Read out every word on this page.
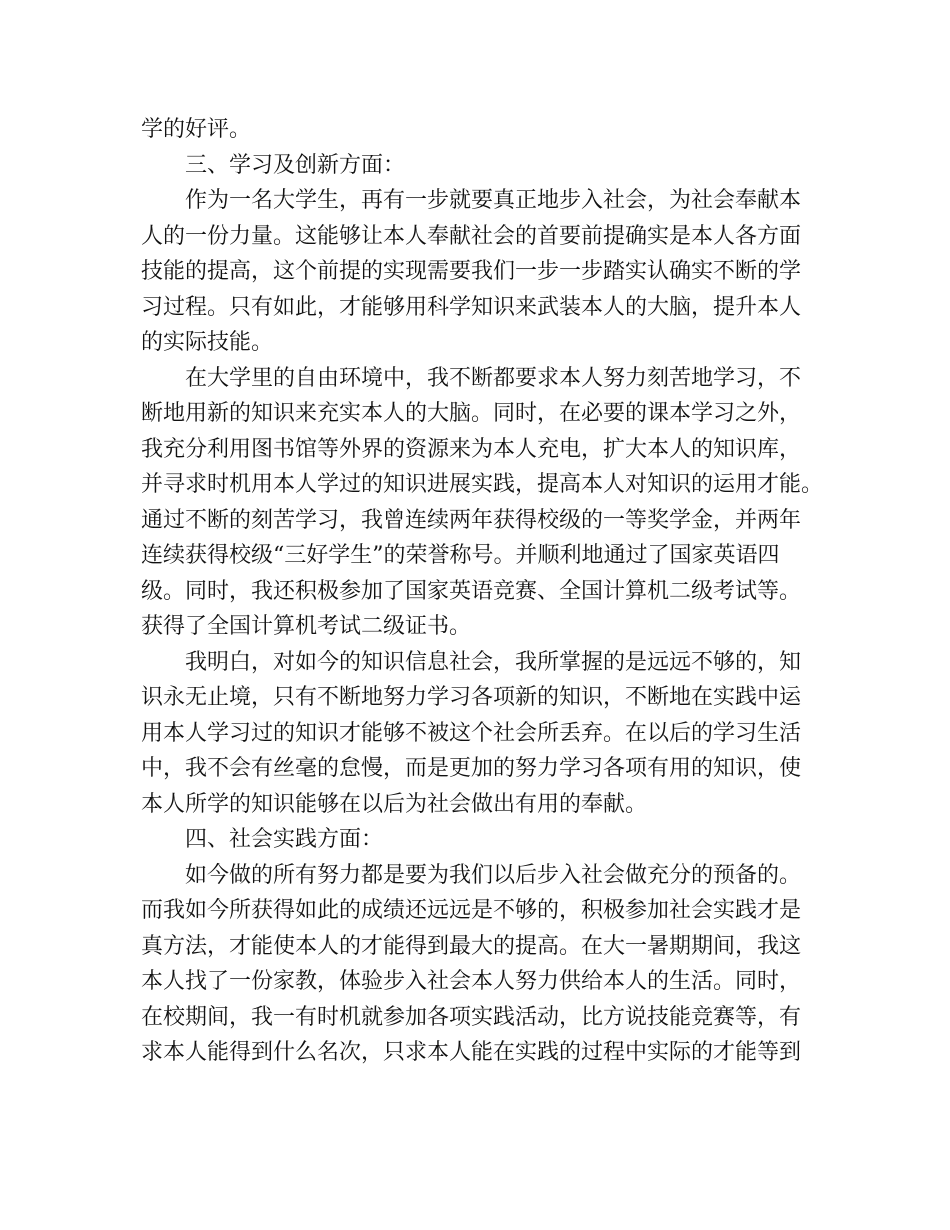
学的好评。
三、学习及创新方面：
作为一名大学生，再有一步就要真正地步入社会，为社会奉献本
人的一份力量。这能够让本人奉献社会的首要前提确实是本人各方面
技能的提高，这个前提的实现需要我们一步一步踏实认确实不断的学
习过程。只有如此，才能够用科学知识来武装本人的大脑，提升本人
的实际技能。
在大学里的自由环境中，我不断都要求本人努力刻苦地学习，不
断地用新的知识来充实本人的大脑。同时，在必要的课本学习之外，
我充分利用图书馆等外界的资源来为本人充电，扩大本人的知识库，
并寻求时机用本人学过的知识进展实践，提高本人对知识的运用才能。
通过不断的刻苦学习，我曾连续两年获得校级的一等奖学金，并两年
连续获得校级“三好学生”的荣誉称号。并顺利地通过了国家英语四
级。同时，我还积极参加了国家英语竞赛、全国计算机二级考试等。
获得了全国计算机考试二级证书。
我明白，对如今的知识信息社会，我所掌握的是远远不够的，知
识永无止境，只有不断地努力学习各项新的知识，不断地在实践中运
用本人学习过的知识才能够不被这个社会所丢弃。在以后的学习生活
中，我不会有丝毫的怠慢，而是更加的努力学习各项有用的知识，使
本人所学的知识能够在以后为社会做出有用的奉献。
四、社会实践方面：
如今做的所有努力都是要为我们以后步入社会做充分的预备的。
而我如今所获得如此的成绩还远远是不够的，积极参加社会实践才是
真方法，才能使本人的才能得到最大的提高。在大一暑期期间，我这
本人找了一份家教，体验步入社会本人努力供给本人的生活。同时，
在校期间，我一有时机就参加各项实践活动，比方说技能竞赛等，有
求本人能得到什么名次，只求本人能在实践的过程中实际的才能等到
